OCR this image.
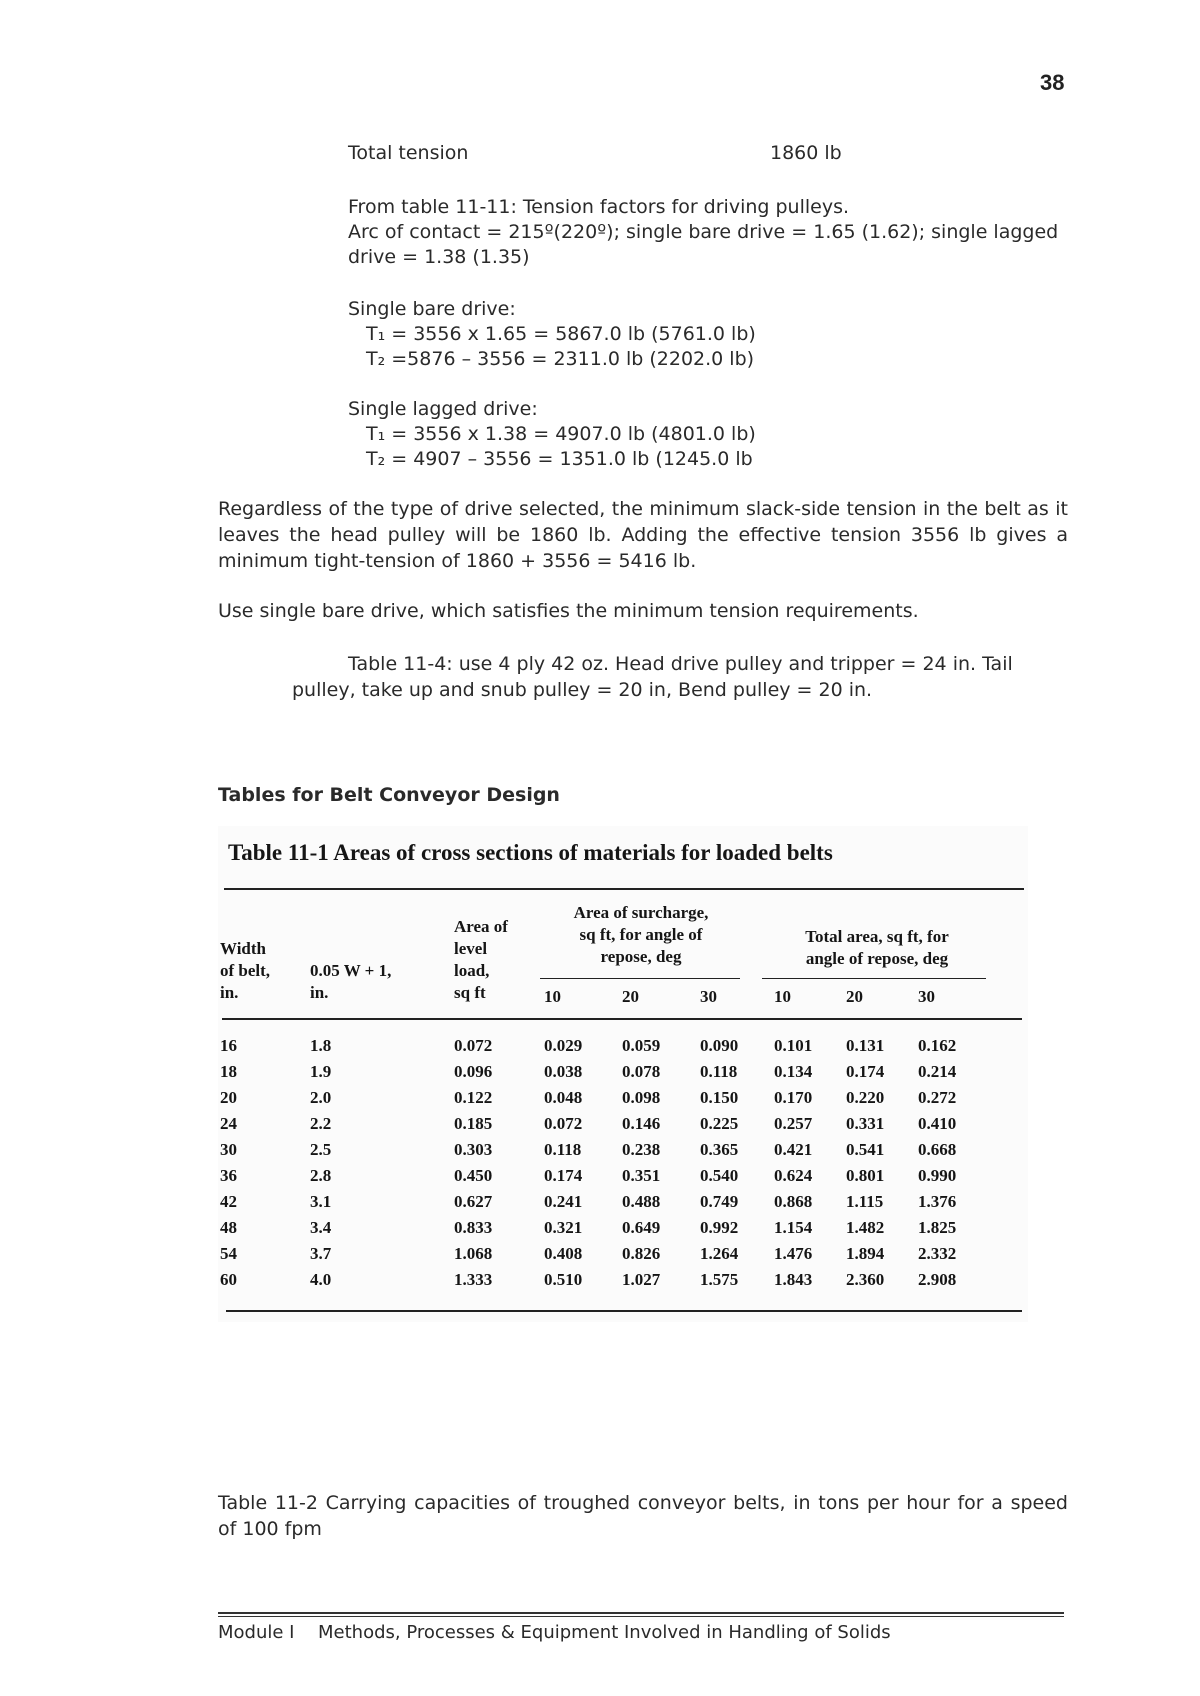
38
Total tension	1860 lb
From table 11-11: Tension factors for driving pulleys.
Arc of contact = 215º(220º); single bare drive = 1.65 (1.62); single lagged
drive = 1.38 (1.35)
Single bare drive:
T₁ = 3556 x 1.65 = 5867.0 lb (5761.0 lb)
T₂ =5876 – 3556 = 2311.0 lb (2202.0 lb)
Single lagged drive:
T₁ = 3556 x 1.38 = 4907.0 lb (4801.0 lb)
T₂ = 4907 – 3556 = 1351.0 lb (1245.0 lb
Regardless of the type of drive selected, the minimum slack-side tension in the belt as it leaves the head pulley will be 1860 lb. Adding the effective tension 3556 lb gives a minimum tight-tension of 1860 + 3556 = 5416 lb.
Use single bare drive, which satisfies the minimum tension requirements.
Table 11-4: use 4 ply 42 oz. Head drive pulley and tripper = 24 in. Tail
pulley, take up and snub pulley = 20 in, Bend pulley = 20 in.
Tables for Belt Conveyor Design
Table 11-1 Areas of cross sections of materials for loaded belts
Width
of belt,
in.
0.05 W + 1,
in.
Area of
level
load,
sq ft
Area of surcharge,
sq ft, for angle of
repose, deg
Total area, sq ft, for
angle of repose, deg
10	20	30	10	20	30
16	1.8	0.072	0.029 0.059 0.090 0.101 0.131 0.162
18	1.9	0.096	0.038 0.078 0.118 0.134 0.174 0.214
20	2.0	0.122	0.048 0.098 0.150 0.170 0.220 0.272
24	2.2	0.185	0.072 0.146 0.225 0.257 0.331 0.410
30	2.5	0.303	0.118 0.238 0.365 0.421 0.541 0.668
36	2.8	0.450	0.174 0.351 0.540 0.624 0.801 0.990
42	3.1	0.627	0.241 0.488 0.749 0.868 1.115 1.376
48	3.4	0.833	0.321 0.649 0.992 1.154 1.482 1.825
54	3.7	1.068	0.408 0.826 1.264 1.476 1.894 2.332
60	4.0	1.333	0.510 1.027 1.575 1.843 2.360 2.908
Table 11-2 Carrying capacities of troughed conveyor belts, in tons per hour for a speed of 100 fpm
Module I Methods, Processes & Equipment Involved in Handling of Solids
